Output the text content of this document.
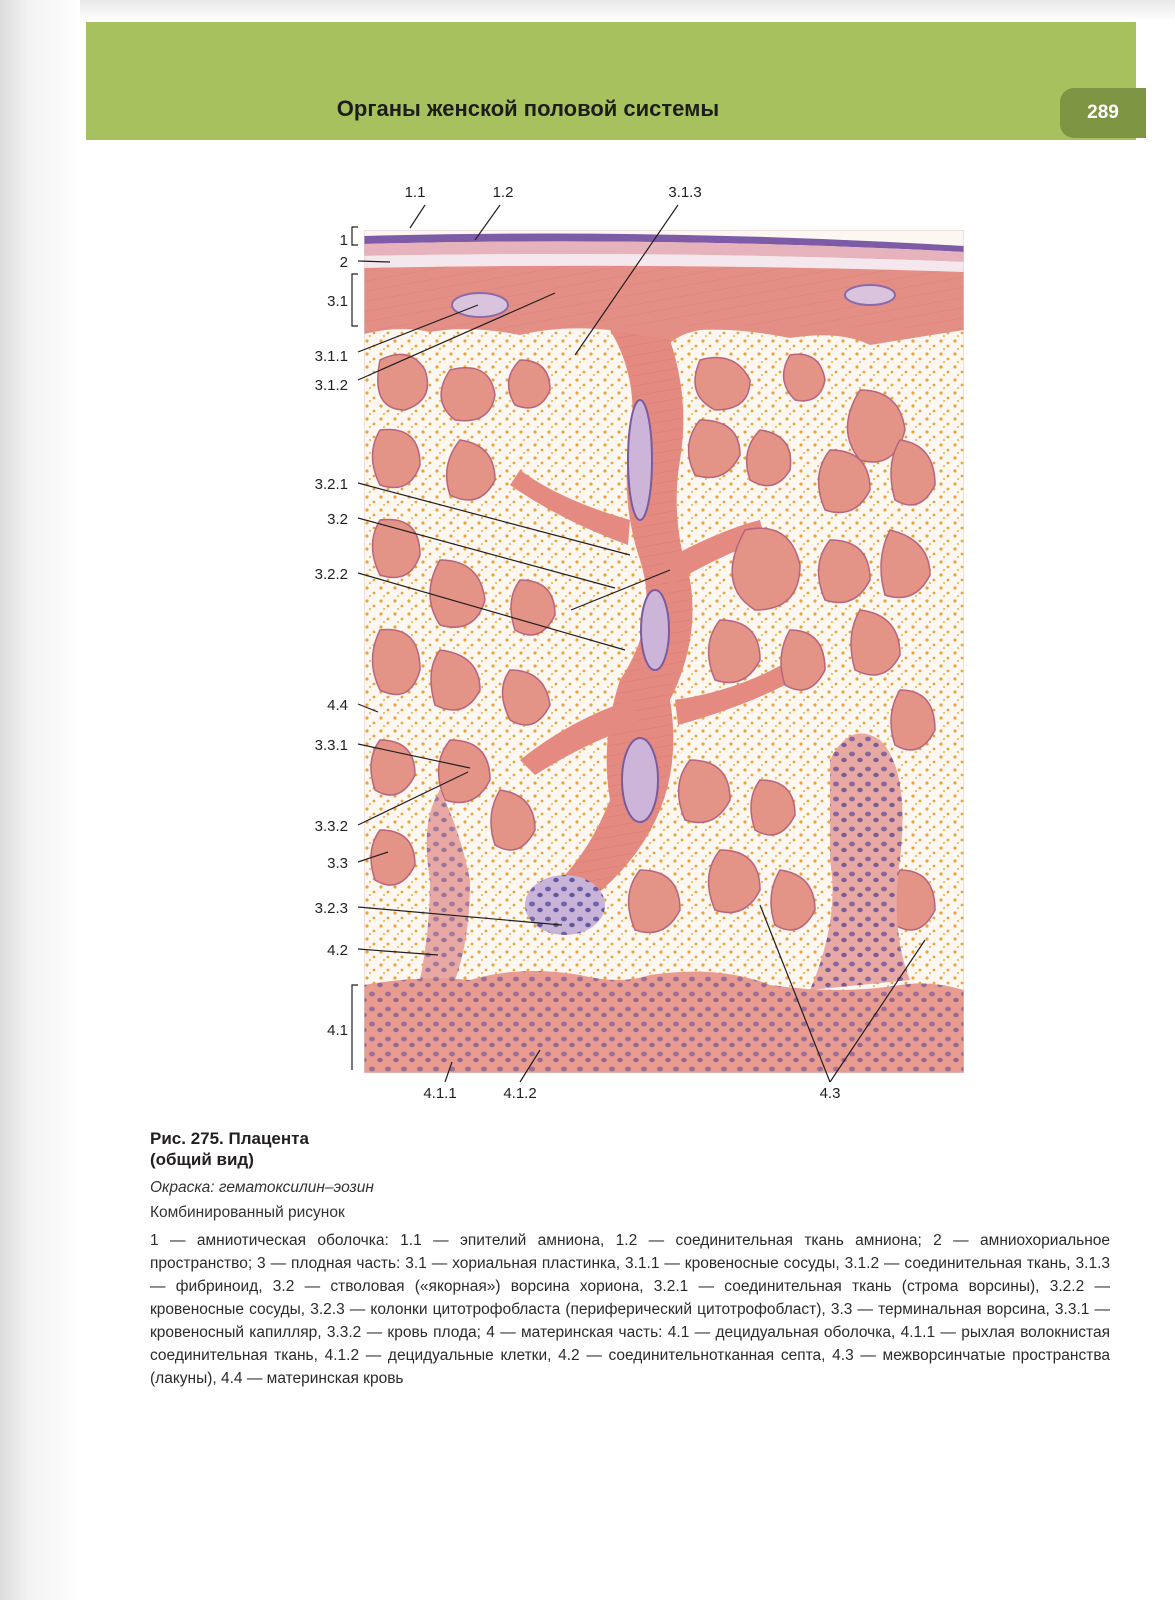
Органы женской половой системы	289
1.1	1.2	3.1.3
1
2
3.1
3.1.1
3.1.2
3.2.1
3.2
3.2.2
4.4
3.3.1
3.3.2
3.3
3.2.3
4.2
4.1
4.1.1	4.1.2	4.3

Рис. 275. Плацента
(общий вид)

Окраска: гематоксилин–эозин

Комбинированный рисунок

1 — амниотическая оболочка: 1.1 — эпителий амниона, 1.2 — соединительная ткань амниона; 2 — амниохориальное пространство; 3 — плодная часть: 3.1 — хориальная пластинка, 3.1.1 — кровеносные сосуды, 3.1.2 — соединительная ткань, 3.1.3 — фибриноид, 3.2 — стволовая («якорная») ворсина хориона, 3.2.1 — соединительная ткань (строма ворсины), 3.2.2 — кровеносные сосуды, 3.2.3 — колонки цитотрофобласта (периферический цитотрофобласт), 3.3 — терминальная ворсина, 3.3.1 — кровеносный капилляр, 3.3.2 — кровь плода; 4 — материнская часть: 4.1 — децидуальная оболочка, 4.1.1 — рыхлая волокнистая соединительная ткань, 4.1.2 — децидуальные клетки, 4.2 — соединительнотканная септа, 4.3 — межворсинчатые пространства (лакуны), 4.4 — материнская кровь
